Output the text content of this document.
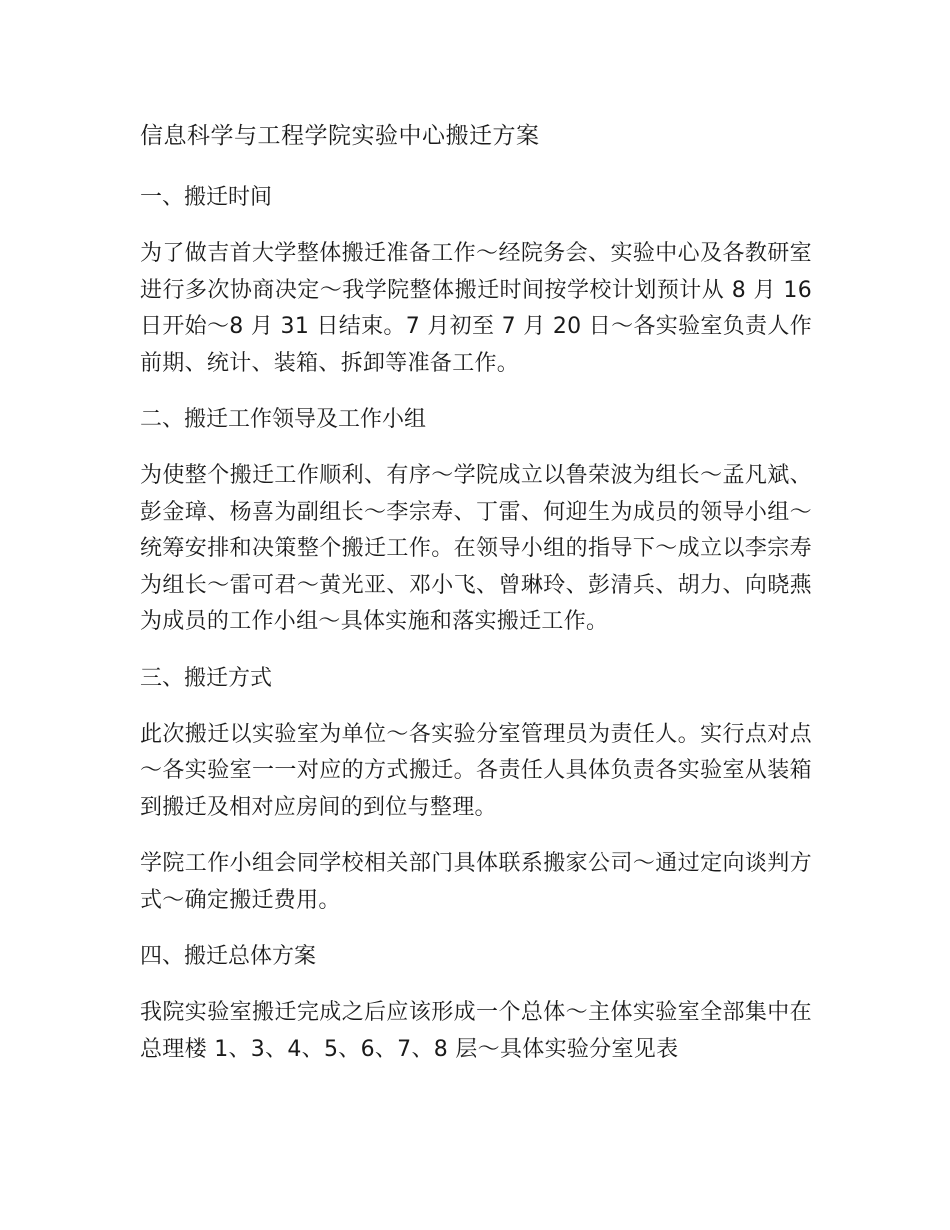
信息科学与工程学院实验中心搬迁方案
一、搬迁时间
为了做吉首大学整体搬迁准备工作～经院务会、实验中心及各教研室进行多次协商决定～我学院整体搬迁时间按学校计划预计从 8 月 16 日开始～8 月 31 日结束。7 月初至 7 月 20 日～各实验室负责人作前期、统计、装箱、拆卸等准备工作。
二、搬迁工作领导及工作小组
为使整个搬迁工作顺利、有序～学院成立以鲁荣波为组长～孟凡斌、彭金璋、杨喜为副组长～李宗寿、丁雷、何迎生为成员的领导小组～统筹安排和决策整个搬迁工作。在领导小组的指导下～成立以李宗寿为组长～雷可君～黄光亚、邓小飞、曾琳玲、彭清兵、胡力、向晓燕为成员的工作小组～具体实施和落实搬迁工作。
三、搬迁方式
此次搬迁以实验室为单位～各实验分室管理员为责任人。实行点对点～各实验室一一对应的方式搬迁。各责任人具体负责各实验室从装箱到搬迁及相对应房间的到位与整理。
学院工作小组会同学校相关部门具体联系搬家公司～通过定向谈判方式～确定搬迁费用。
四、搬迁总体方案
我院实验室搬迁完成之后应该形成一个总体～主体实验室全部集中在总理楼 1、3、4、5、6、7、8 层～具体实验分室见表
